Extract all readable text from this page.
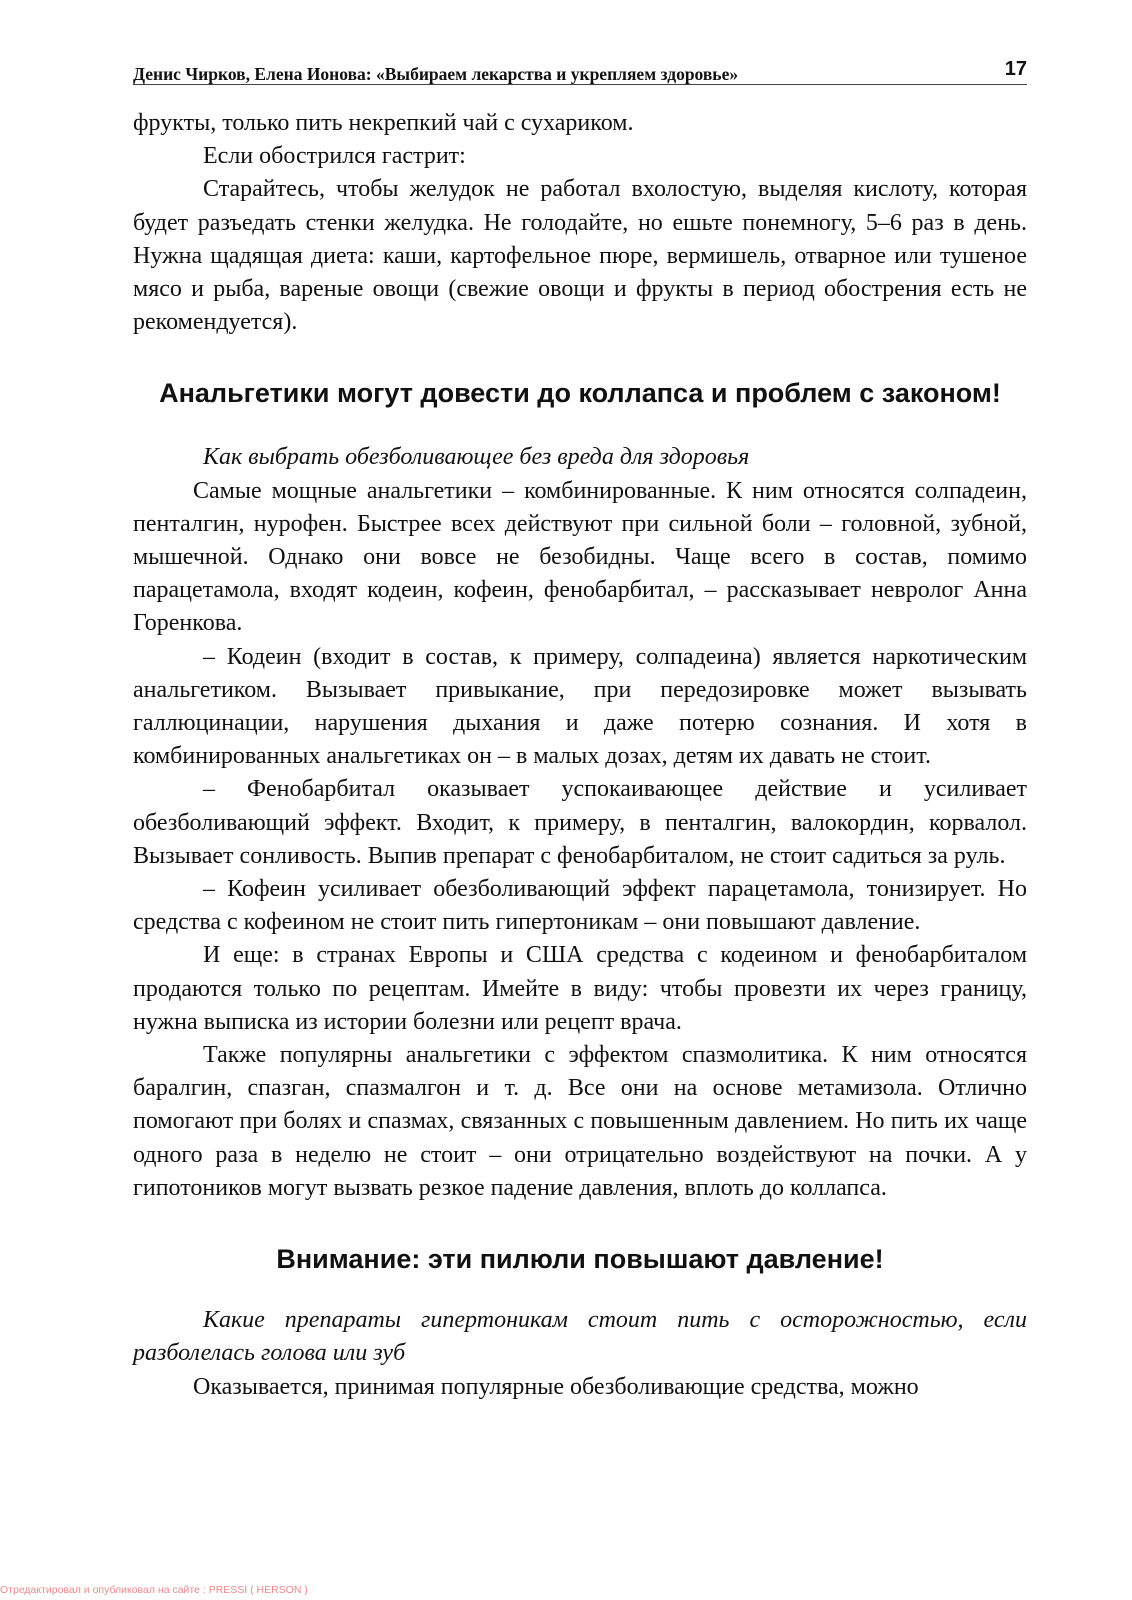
Денис Чирков, Елена Ионова: «Выбираем лекарства и укрепляем здоровье»	17

фрукты, только пить некрепкий чай с сухариком.

Если обострился гастрит:

Старайтесь, чтобы желудок не работал вхолостую, выделяя кислоту, которая будет разъедать стенки желудка. Не голодайте, но ешьте понемногу, 5–6 раз в день. Нужна щадящая диета: каши, картофельное пюре, вермишель, отварное или тушеное мясо и рыба, вареные овощи (свежие овощи и фрукты в период обострения есть не рекомендуется).

Анальгетики могут довести до коллапса и проблем с законом!

Как выбрать обезболивающее без вреда для здоровья

Самые мощные анальгетики – комбинированные. К ним относятся солпадеин, пенталгин, нурофен. Быстрее всех действуют при сильной боли – головной, зубной, мышечной. Однако они вовсе не безобидны. Чаще всего в состав, помимо парацетамола, входят кодеин, кофеин, фенобарбитал, – рассказывает невролог Анна Горенкова.

– Кодеин (входит в состав, к примеру, солпадеина) является наркотическим анальгетиком. Вызывает привыкание, при передозировке может вызывать галлюцинации, нарушения дыхания и даже потерю сознания. И хотя в комбинированных анальгетиках он – в малых дозах, детям их давать не стоит.

– Фенобарбитал оказывает успокаивающее действие и усиливает обезболивающий эффект. Входит, к примеру, в пенталгин, валокордин, корвалол. Вызывает сонливость. Выпив препарат с фенобарбиталом, не стоит садиться за руль.

– Кофеин усиливает обезболивающий эффект парацетамола, тонизирует. Но средства с кофеином не стоит пить гипертоникам – они повышают давление.

И еще: в странах Европы и США средства с кодеином и фенобарбиталом продаются только по рецептам. Имейте в виду: чтобы провезти их через границу, нужна выписка из истории болезни или рецепт врача.

Также популярны анальгетики с эффектом спазмолитика. К ним относятся баралгин, спазган, спазмалгон и т. д. Все они на основе метамизола. Отлично помогают при болях и спазмах, связанных с повышенным давлением. Но пить их чаще одного раза в неделю не стоит – они отрицательно воздействуют на почки. А у гипотоников могут вызвать резкое падение давления, вплоть до коллапса.

Внимание: эти пилюли повышают давление!

Какие препараты гипертоникам стоит пить с осторожностью, если разболелась голова или зуб

Оказывается, принимая популярные обезболивающие средства, можно

Отредактировал и опубликовал на сайте : PRESSI ( HERSON )
